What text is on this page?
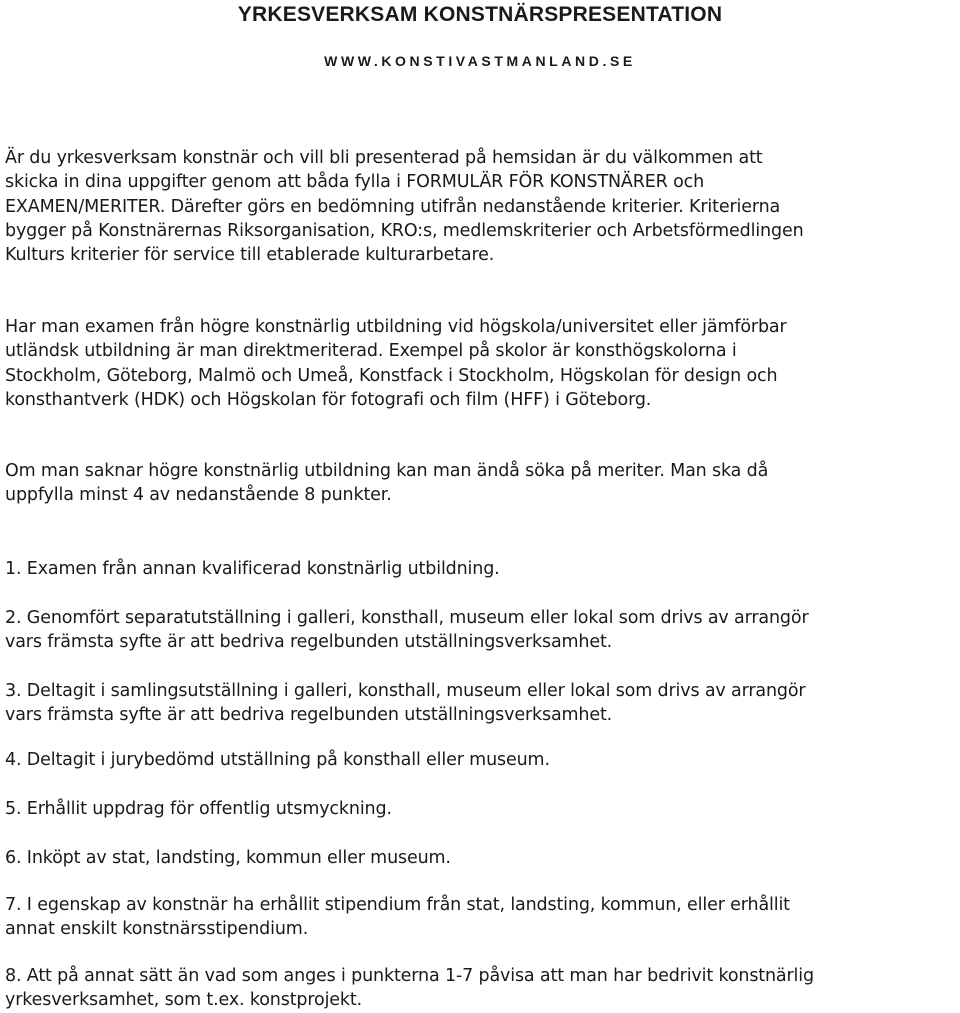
YRKESVERKSAM KONSTNÄRSPRESENTATION
WWW.KONSTIVASTMANLAND.SE

Är du yrkesverksam konstnär och vill bli presenterad på hemsidan är du välkommen att
skicka in dina uppgifter genom att båda fylla i FORMULÄR FÖR KONSTNÄRER och
EXAMEN/MERITER. Därefter görs en bedömning utifrån nedanstående kriterier. Kriterierna
bygger på Konstnärernas Riksorganisation, KRO:s, medlemskriterier och Arbetsförmedlingen
Kulturs kriterier för service till etablerade kulturarbetare.

Har man examen från högre konstnärlig utbildning vid högskola/universitet eller jämförbar
utländsk utbildning är man direktmeriterad. Exempel på skolor är konsthögskolorna i
Stockholm, Göteborg, Malmö och Umeå, Konstfack i Stockholm, Högskolan för design och
konsthantverk (HDK) och Högskolan för fotografi och film (HFF) i Göteborg.

Om man saknar högre konstnärlig utbildning kan man ändå söka på meriter. Man ska då
uppfylla minst 4 av nedanstående 8 punkter.

1. Examen från annan kvalificerad konstnärlig utbildning.

2. Genomfört separatutställning i galleri, konsthall, museum eller lokal som drivs av arrangör
vars främsta syfte är att bedriva regelbunden utställningsverksamhet.

3. Deltagit i samlingsutställning i galleri, konsthall, museum eller lokal som drivs av arrangör
vars främsta syfte är att bedriva regelbunden utställningsverksamhet.

4. Deltagit i jurybedömd utställning på konsthall eller museum.

5. Erhållit uppdrag för offentlig utsmyckning.

6. Inköpt av stat, landsting, kommun eller museum.

7. I egenskap av konstnär ha erhållit stipendium från stat, landsting, kommun, eller erhållit
annat enskilt konstnärsstipendium.

8. Att på annat sätt än vad som anges i punkterna 1-7 påvisa att man har bedrivit konstnärlig
yrkesverksamhet, som t.ex. konstprojekt.
